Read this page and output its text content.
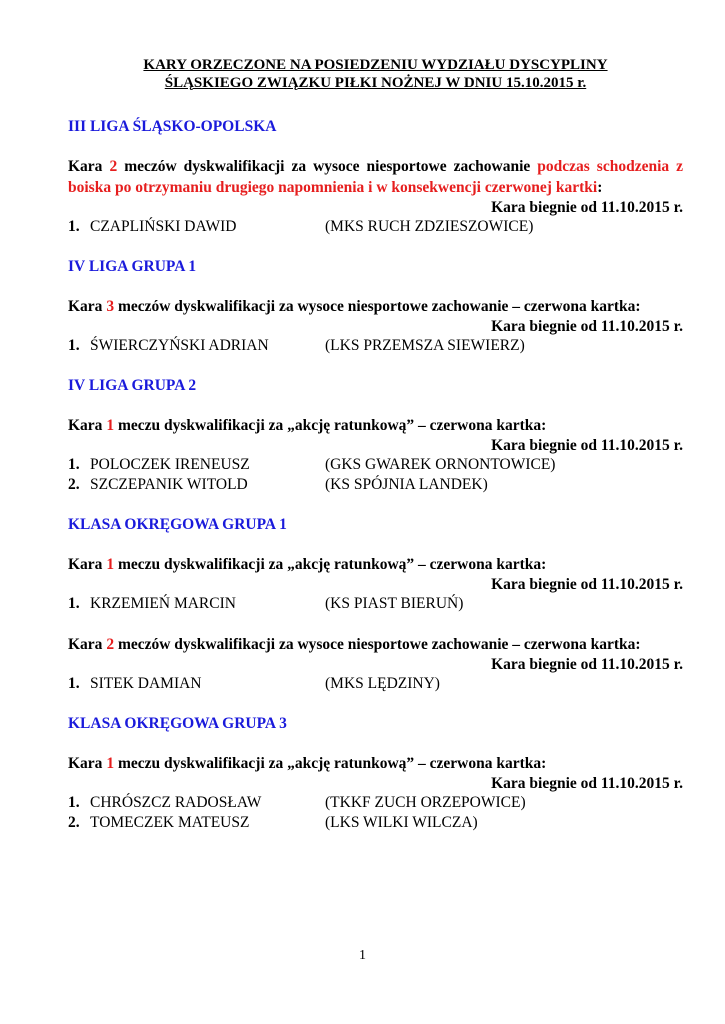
KARY ORZECZONE NA POSIEDZENIU WYDZIAŁU DYSCYPLINY
ŚLĄSKIEGO ZWIĄZKU PIŁKI NOŻNEJ W DNIU 15.10.2015 r.
III LIGA ŚLĄSKO-OPOLSKA
Kara 2 meczów dyskwalifikacji za wysoce niesportowe zachowanie podczas schodzenia z boiska po otrzymaniu drugiego napomnienia i w konsekwencji czerwonej kartki:
Kara biegnie od 11.10.2015 r.
1. CZAPLIŃSKI DAWID	(MKS RUCH ZDZIESZOWICE)
IV LIGA GRUPA 1
Kara 3 meczów dyskwalifikacji za wysoce niesportowe zachowanie – czerwona kartka:
Kara biegnie od 11.10.2015 r.
1. ŚWIERCZYŃSKI ADRIAN	(LKS PRZEMSZA SIEWIERZ)
IV LIGA GRUPA 2
Kara 1 meczu dyskwalifikacji za „akcję ratunkową” – czerwona kartka:
Kara biegnie od 11.10.2015 r.
1. POLOCZEK IRENEUSZ	(GKS GWAREK ORNONTOWICE)
2. SZCZEPANIK WITOLD	(KS SPÓJNIA LANDEK)
KLASA OKRĘGOWA GRUPA 1
Kara 1 meczu dyskwalifikacji za „akcję ratunkową” – czerwona kartka:
Kara biegnie od 11.10.2015 r.
1. KRZEMIEŃ MARCIN	(KS PIAST BIERUŃ)
Kara 2 meczów dyskwalifikacji za wysoce niesportowe zachowanie – czerwona kartka:
Kara biegnie od 11.10.2015 r.
1. SITEK DAMIAN	(MKS LĘDZINY)
KLASA OKRĘGOWA GRUPA 3
Kara 1 meczu dyskwalifikacji za „akcję ratunkową” – czerwona kartka:
Kara biegnie od 11.10.2015 r.
1. CHRÓSZCZ RADOSŁAW	(TKKF ZUCH ORZEPOWICE)
2. TOMECZEK MATEUSZ	(LKS WILKI WILCZA)
1
